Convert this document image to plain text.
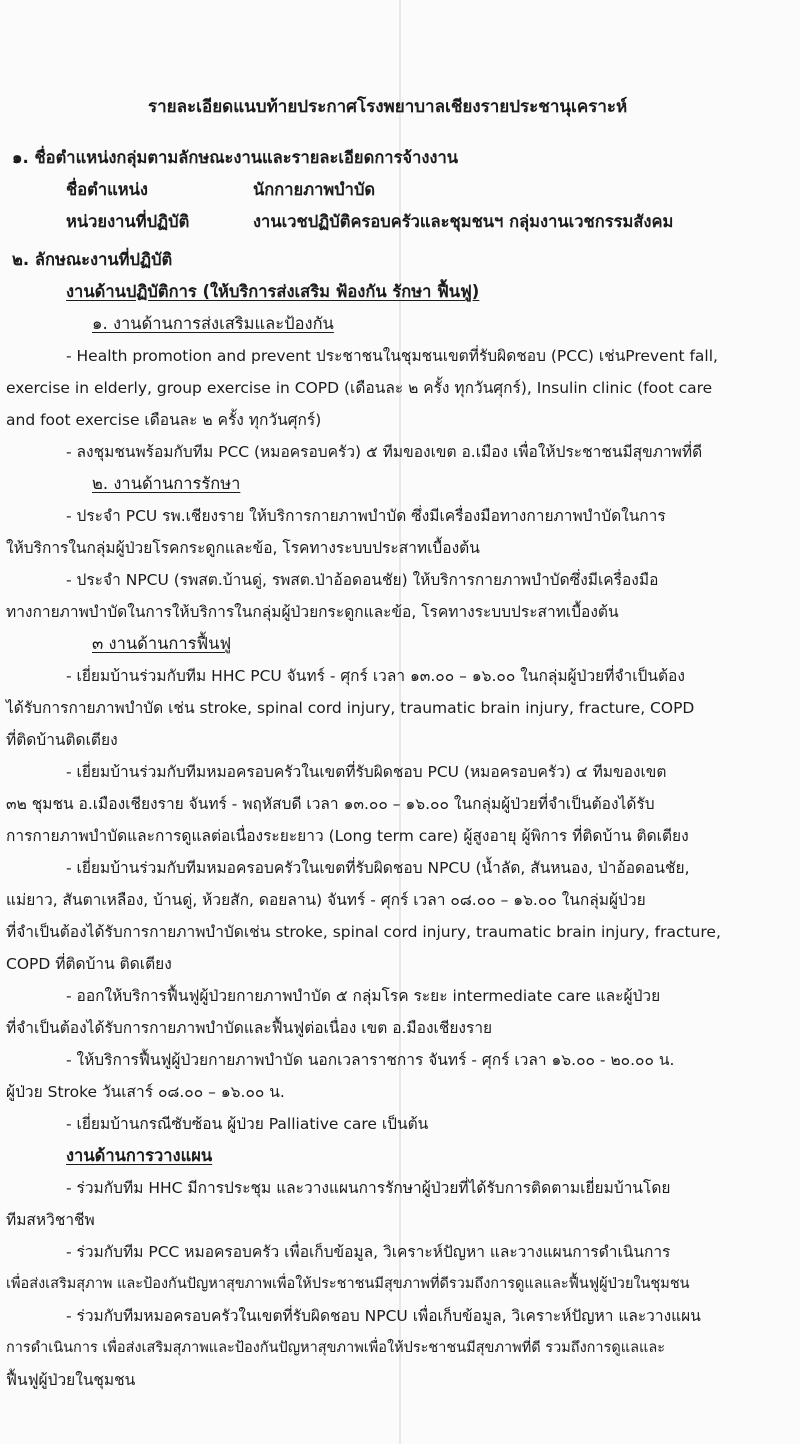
รายละเอียดแนบท้ายประกาศโรงพยาบาลเชียงรายประชานุเคราะห์
๑. ชื่อตำแหน่งกลุ่มตามลักษณะงานและรายละเอียดการจ้างงาน
ชื่อตำแหน่ง	นักกายภาพบำบัด
หน่วยงานที่ปฏิบัติ	งานเวชปฏิบัติครอบครัวและชุมชนฯ กลุ่มงานเวชกรรมสังคม
๒. ลักษณะงานที่ปฏิบัติ
งานด้านปฏิบัติการ (ให้บริการส่งเสริม ฟ้องกัน รักษา ฟื้นฟู)
๑. งานด้านการส่งเสริมและป้องกัน
- Health promotion and prevent ประชาชนในชุมชนเขตที่รับผิดชอบ (PCC) เช่นPrevent fall,
exercise in elderly, group exercise in COPD (เดือนละ ๒ ครั้ง ทุกวันศุกร์), Insulin clinic (foot care
and foot exercise เดือนละ ๒ ครั้ง ทุกวันศุกร์)
- ลงชุมชนพร้อมกับทีม PCC (หมอครอบครัว) ๕ ทีมของเขต อ.เมือง เพื่อให้ประชาชนมีสุขภาพที่ดี
๒. งานด้านการรักษา
- ประจำ PCU รพ.เชียงราย ให้บริการกายภาพบำบัด ซึ่งมีเครื่องมือทางกายภาพบำบัดในการ
ให้บริการในกลุ่มผู้ป่วยโรคกระดูกและข้อ, โรคทางระบบประสาทเบื้องต้น
- ประจำ NPCU (รพสต.บ้านดู่, รพสต.ป่าอ้อดอนชัย) ให้บริการกายภาพบำบัดซึ่งมีเครื่องมือ
ทางกายภาพบำบัดในการให้บริการในกลุ่มผู้ป่วยกระดูกและข้อ, โรคทางระบบประสาทเบื้องต้น
๓ งานด้านการฟื้นฟู
- เยี่ยมบ้านร่วมกับทีม HHC PCU จันทร์ - ศุกร์ เวลา ๑๓.๐๐ – ๑๖.๐๐ ในกลุ่มผู้ป่วยที่จำเป็นต้อง
ได้รับการกายภาพบำบัด เช่น stroke, spinal cord injury, traumatic brain injury, fracture, COPD
ที่ติดบ้านติดเตียง
- เยี่ยมบ้านร่วมกับทีมหมอครอบครัวในเขตที่รับผิดชอบ PCU (หมอครอบครัว) ๔ ทีมของเขต
๓๒ ชุมชน อ.เมืองเชียงราย จันทร์ - พฤหัสบดี เวลา ๑๓.๐๐ – ๑๖.๐๐ ในกลุ่มผู้ป่วยที่จำเป็นต้องได้รับ
การกายภาพบำบัดและการดูแลต่อเนื่องระยะยาว (Long term care) ผู้สูงอายุ ผู้พิการ ที่ติดบ้าน ติดเตียง
- เยี่ยมบ้านร่วมกับทีมหมอครอบครัวในเขตที่รับผิดชอบ NPCU (น้ำลัด, สันหนอง, ป่าอ้อดอนชัย,
แม่ยาว, สันตาเหลือง, บ้านดู่, ห้วยสัก, ดอยลาน) จันทร์ - ศุกร์ เวลา ๐๘.๐๐ – ๑๖.๐๐ ในกลุ่มผู้ป่วย
ที่จำเป็นต้องได้รับการกายภาพบำบัดเช่น stroke, spinal cord injury, traumatic brain injury, fracture,
COPD ที่ติดบ้าน ติดเตียง
- ออกให้บริการฟื้นฟูผู้ป่วยกายภาพบำบัด ๕ กลุ่มโรค ระยะ intermediate care และผู้ป่วย
ที่จำเป็นต้องได้รับการกายภาพบำบัดและฟื้นฟูต่อเนื่อง เขต อ.มืองเชียงราย
- ให้บริการฟื้นฟูผู้ป่วยกายภาพบำบัด นอกเวลาราชการ จันทร์ - ศุกร์ เวลา ๑๖.๐๐ - ๒๐.๐๐ น.
ผู้ป่วย Stroke วันเสาร์ ๐๘.๐๐ – ๑๖.๐๐ น.
- เยี่ยมบ้านกรณีซับซ้อน ผู้ป่วย Palliative care เป็นต้น
งานด้านการวางแผน
- ร่วมกับทีม HHC มีการประชุม และวางแผนการรักษาผู้ป่วยที่ได้รับการติดตามเยี่ยมบ้านโดย
ทีมสหวิชาชีพ
- ร่วมกับทีม PCC หมอครอบครัว เพื่อเก็บข้อมูล, วิเคราะห์ปัญหา และวางแผนการดำเนินการ
เพื่อส่งเสริมสุภาพ และป้องกันปัญหาสุขภาพเพื่อให้ประชาชนมีสุขภาพที่ดีรวมถึงการดูแลและฟื้นฟูผู้ป่วยในชุมชน
- ร่วมกับทีมหมอครอบครัวในเขตที่รับผิดชอบ NPCU เพื่อเก็บข้อมูล, วิเคราะห์ปัญหา และวางแผน
การดำเนินการ เพื่อส่งเสริมสุภาพและป้องกันปัญหาสุขภาพเพื่อให้ประชาชนมีสุขภาพที่ดี รวมถึงการดูแลและ
ฟื้นฟูผู้ป่วยในชุมชน
